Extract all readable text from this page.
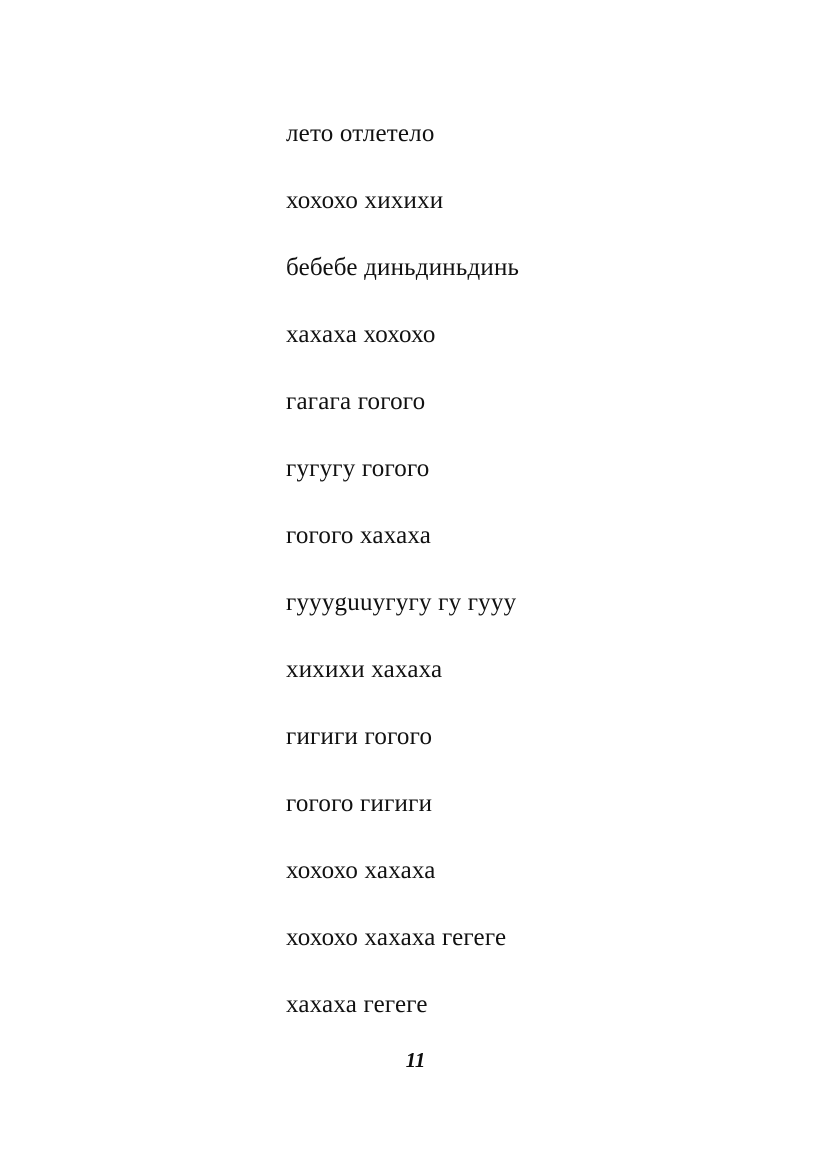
лето отлетело
хохохо хихихи
бебебе диньдиньдинь
хахаха хохохо
гагага гогого
гугугу гогого
гогого хахаха
гуууguuугугу гу гууу
хихихи хахаха
гигиги гогого
гогого гигиги
хохохо хахаха
хохохо хахаха гегеге
хахаха гегеге
11
